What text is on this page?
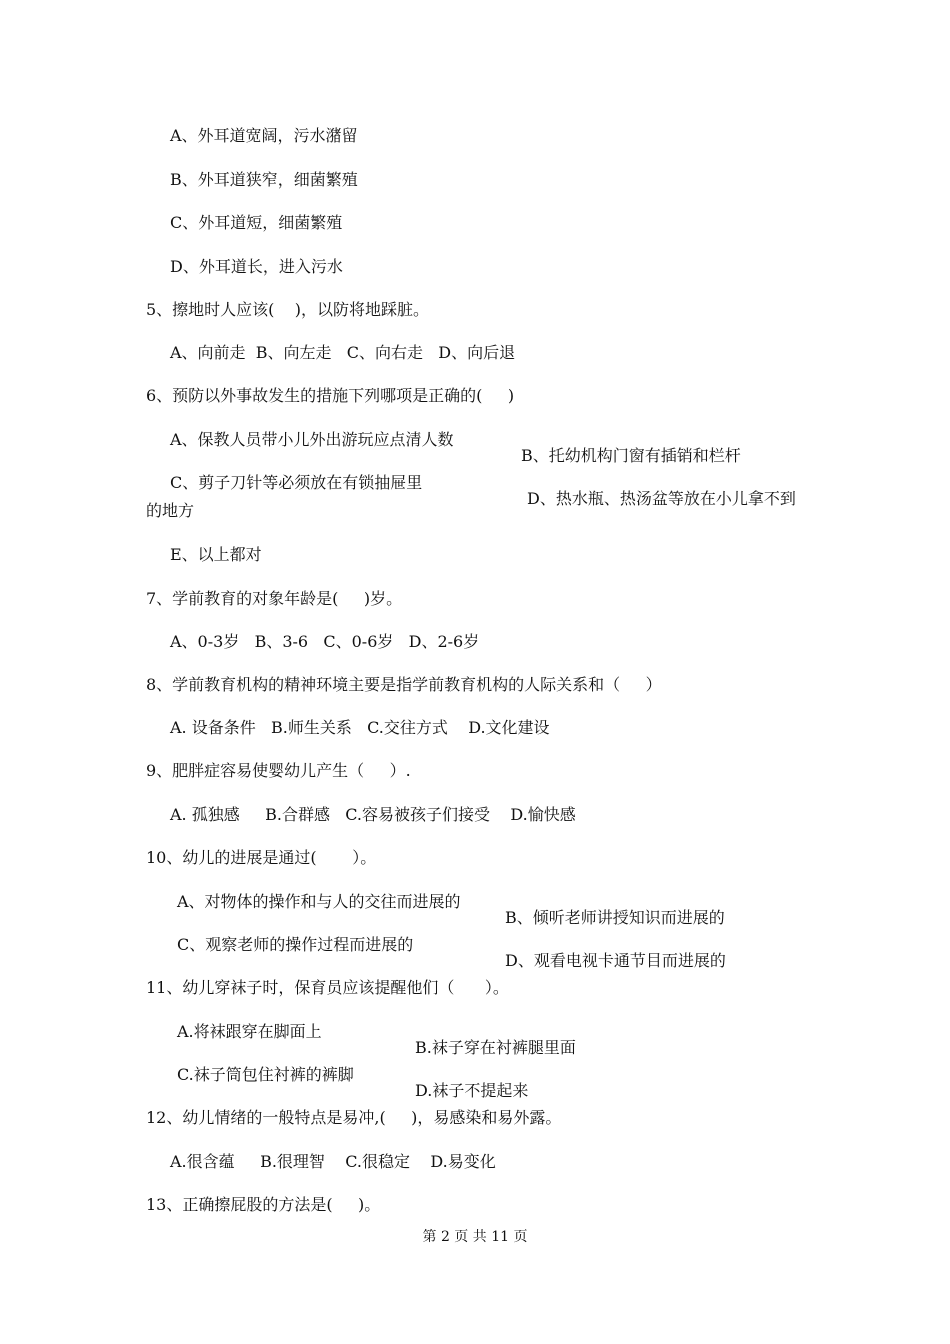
A、外耳道宽阔，污水潴留

B、外耳道狭窄，细菌繁殖

C、外耳道短，细菌繁殖

D、外耳道长，进入污水

5、擦地时人应该(    )，以防将地踩脏。

A、向前走  B、向左走   C、向右走   D、向后退

6、预防以外事故发生的措施下列哪项是正确的(     )

A、保教人员带小儿外出游玩应点清人数

B、托幼机构门窗有插销和栏杆

C、剪子刀针等必须放在有锁抽屉里

D、热水瓶、热汤盆等放在小儿拿不到

的地方

E、以上都对

7、学前教育的对象年龄是(     )岁。

A、0-3岁   B、3-6   C、0-6岁   D、2-6岁

8、学前教育机构的精神环境主要是指学前教育机构的人际关系和（     ）

A. 设备条件   B.师生关系   C.交往方式    D.文化建设

9、肥胖症容易使婴幼儿产生（     ）.

A. 孤独感     B.合群感   C.容易被孩子们接受    D.愉快感

10、幼儿的进展是通过(       ）。

A、对物体的操作和与人的交往而进展的

B、倾听老师讲授知识而进展的

C、观察老师的操作过程而进展的

D、观看电视卡通节目而进展的

11、幼儿穿袜子时，保育员应该提醒他们（      ）。

A.将袜跟穿在脚面上

B.袜子穿在衬裤腿里面

C.袜子筒包住衬裤的裤脚

D.袜子不提起来

12、幼儿情绪的一般特点是易冲,(     )，易感染和易外露。

A.很含蕴     B.很理智    C.很稳定    D.易变化

13、正确擦屁股的方法是(     )。

第 2 页 共 11 页
